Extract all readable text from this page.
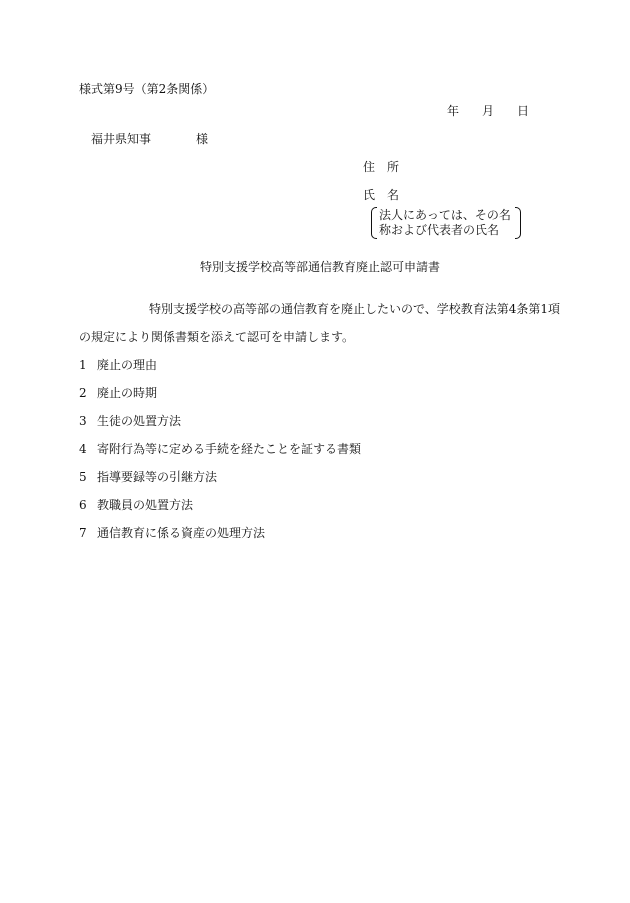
様式第9号（第2条関係）
年 月 日
福井県知事	様
住　所
氏　名
法人にあっては、その名
称および代表者の氏名
特別支援学校高等部通信教育廃止認可申請書
特別支援学校の高等部の通信教育を廃止したいので、学校教育法第4条第1項
の規定により関係書類を添えて認可を申請します。
1 廃止の理由
2 廃止の時期
3 生徒の処置方法
4 寄附行為等に定める手続を経たことを証する書類
5 指導要録等の引継方法
6 教職員の処置方法
7 通信教育に係る資産の処理方法
